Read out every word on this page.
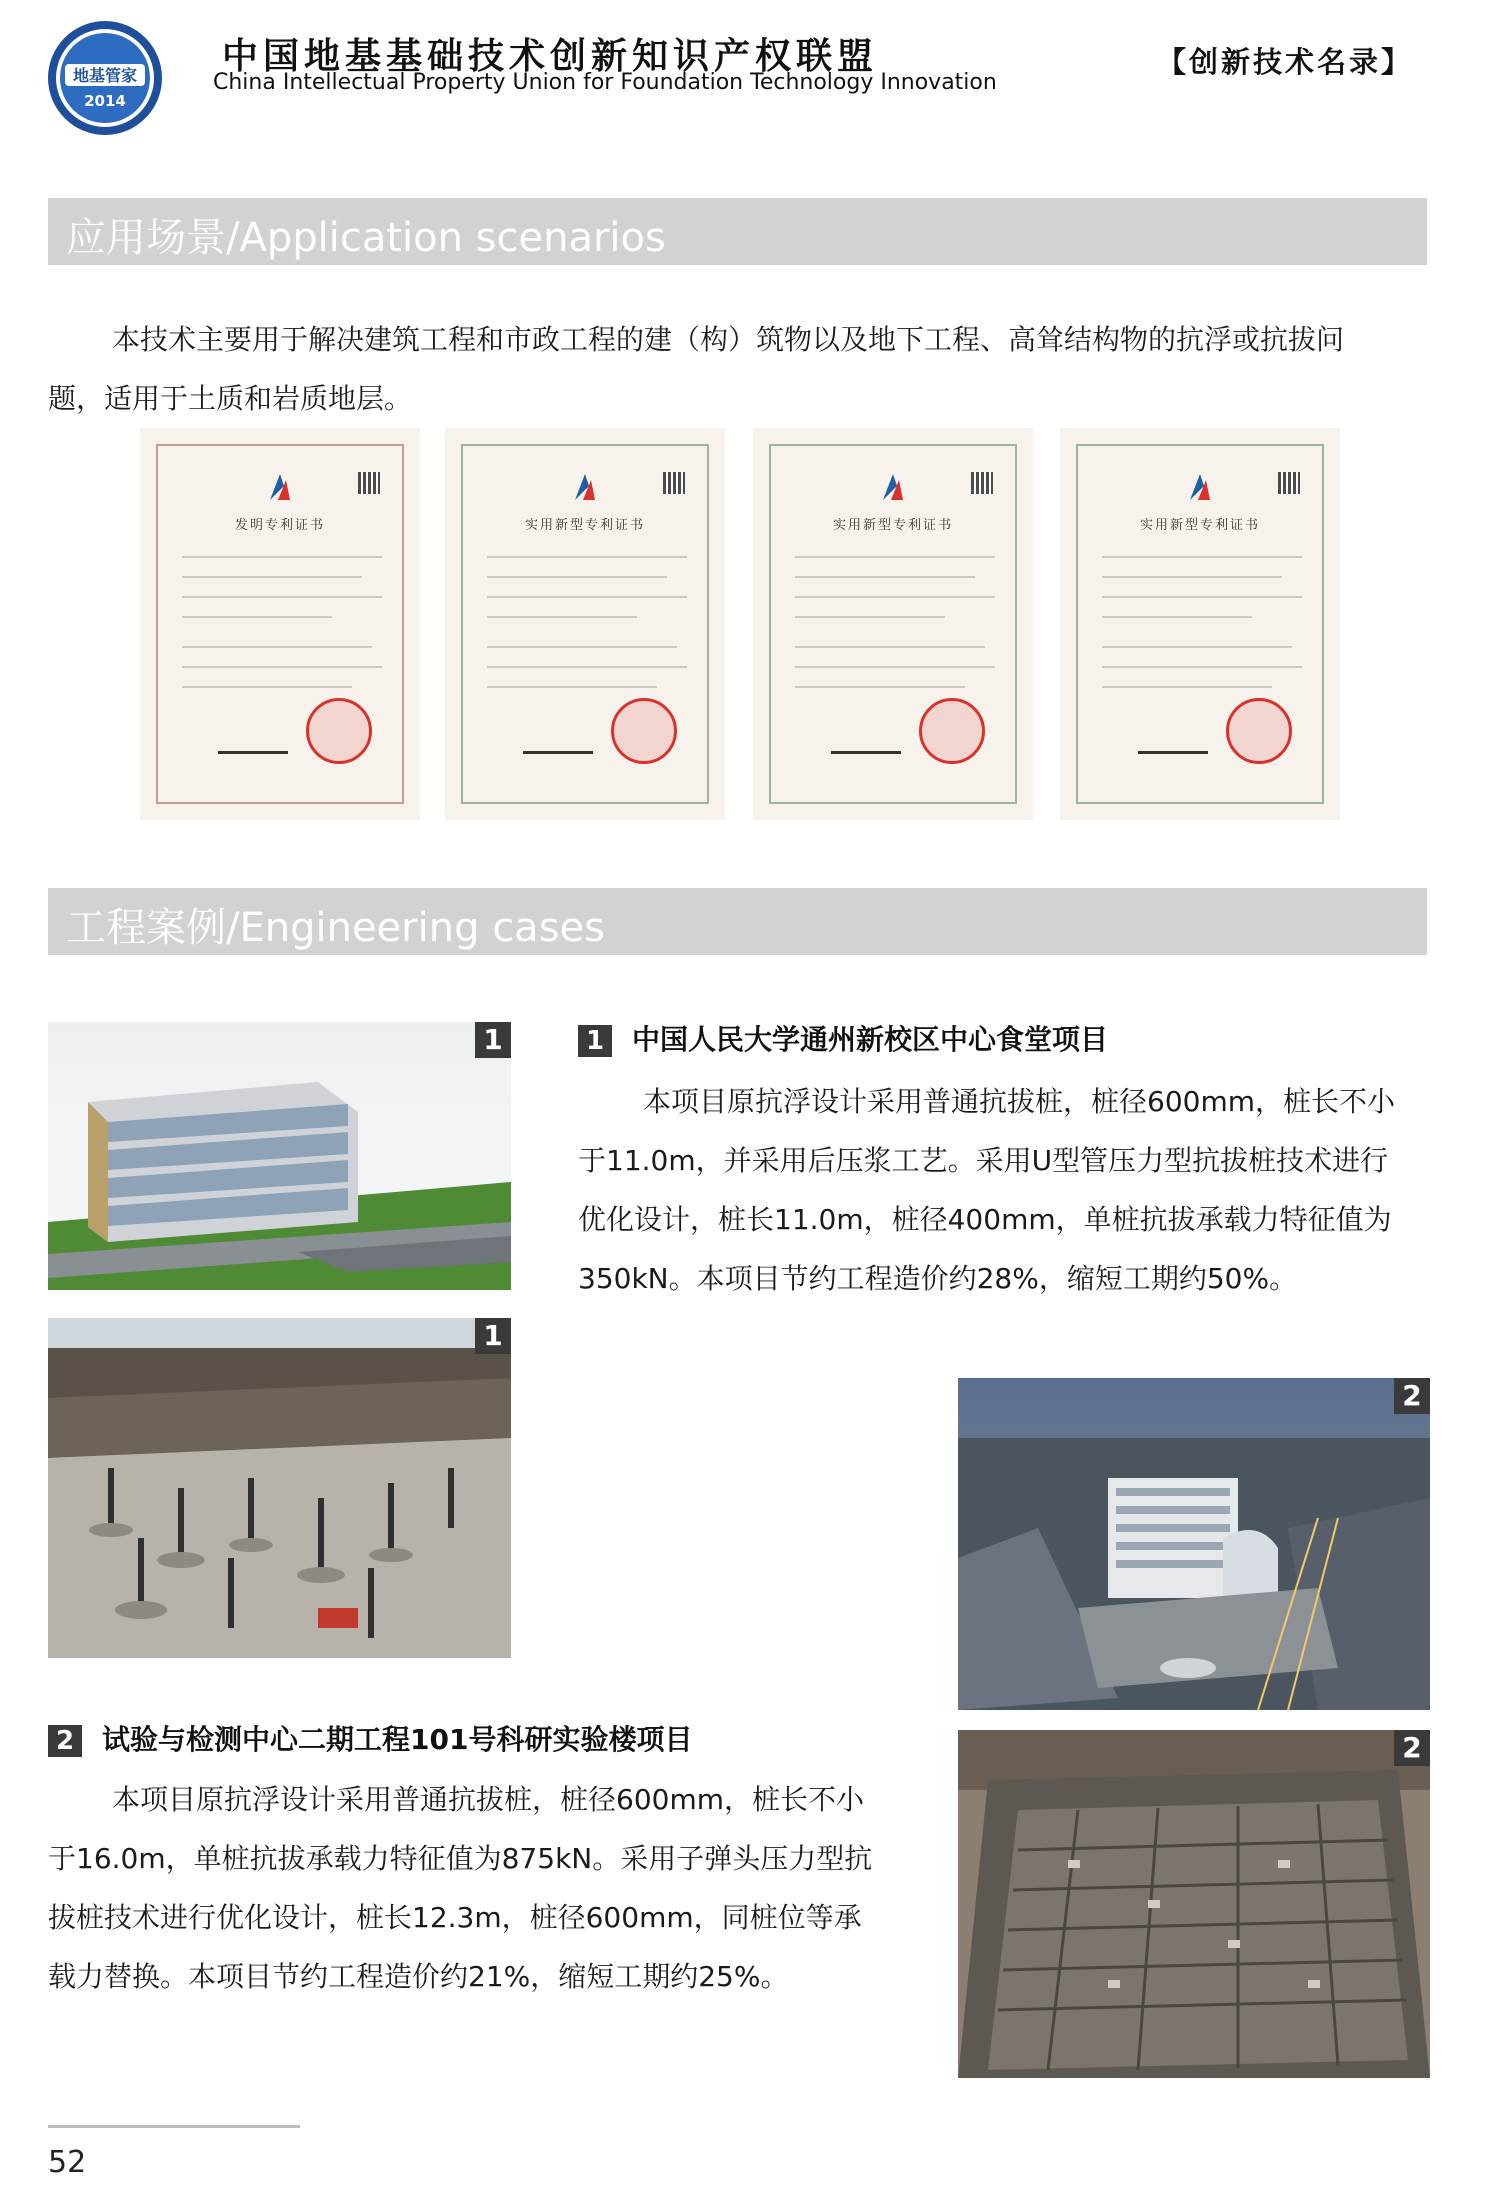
地基管家
2014
中国地基基础技术创新知识产权联盟
China Intellectual Property Union for Foundation Technology Innovation
【创新技术名录】
应用场景/Application scenarios
本技术主要用于解决建筑工程和市政工程的建（构）筑物以及地下工程、高耸结构物的抗浮或抗拔问
题，适用于土质和岩质地层。
发明专利证书	实用新型专利证书	实用新型专利证书	实用新型专利证书
工程案例/Engineering cases
1
1
1 中国人民大学通州新校区中心食堂项目
本项目原抗浮设计采用普通抗拔桩，桩径600mm，桩长不小
于11.0m，并采用后压浆工艺。采用U型管压力型抗拔桩技术进行
优化设计，桩长11.0m，桩径400mm，单桩抗拔承载力特征值为
350kN。本项目节约工程造价约28%，缩短工期约50%。
2
2
2 试验与检测中心二期工程101号科研实验楼项目
本项目原抗浮设计采用普通抗拔桩，桩径600mm，桩长不小
于16.0m，单桩抗拔承载力特征值为875kN。采用子弹头压力型抗
拔桩技术进行优化设计，桩长12.3m，桩径600mm，同桩位等承
载力替换。本项目节约工程造价约21%，缩短工期约25%。
52
